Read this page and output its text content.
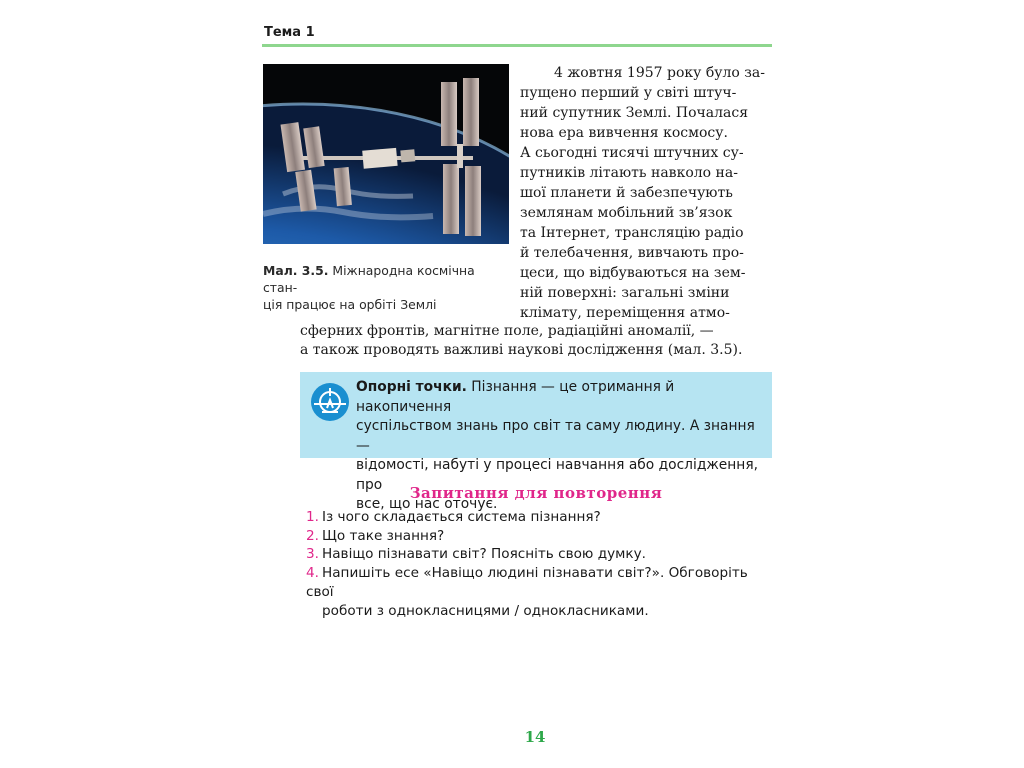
Тема 1
Мал. 3.5. Міжнародна космічна стан-
ція працює на орбіті Землі
4 жовтня 1957 року було за-
пущено перший у світі штуч-
ний супутник Землі. Почалася
нова ера вивчення космосу.
А сьогодні тисячі штучних су-
путників літають навколо на-
шої планети й забезпечують
землянам мобільний зв’язок
та Інтернет, трансляцію радіо
й телебачення, вивчають про-
цеси, що відбуваються на зем-
ній поверхні: загальні зміни
клімату, переміщення атмо-
сферних фронтів, магнітне поле, радіаційні аномалії, —
а також проводять важливі наукові дослідження (мал. 3.5).
Опорні точки. Пізнання — це отримання й накопичення
суспільством знань про світ та саму людину. А знання —
відомості, набуті у процесі навчання або дослідження, про
все, що нас оточує.
Запитання для повторення
1. Із чого складається система пізнання?
2. Що таке знання?
3. Навіщо пізнавати світ? Поясніть свою думку.
4. Напишіть есе «Навіщо людині пізнавати світ?». Обговоріть свої
роботи з однокласницями / однокласниками.
14
